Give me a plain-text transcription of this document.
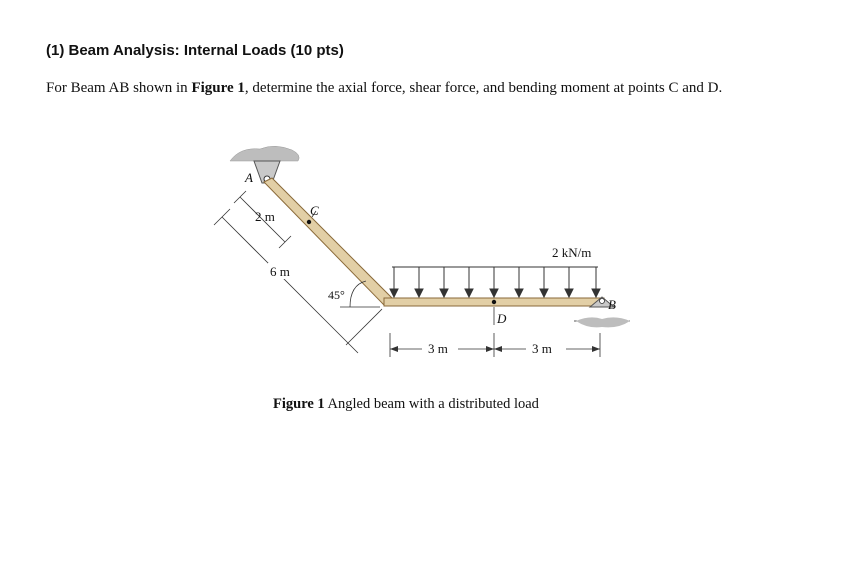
(1) Beam Analysis: Internal Loads (10 pts)
For Beam AB shown in Figure 1, determine the axial force, shear force, and bending moment at points C and D.
C
D
A
2 kN/m
B
2 m
6 m
45°
3 m	3 m
Figure 1 Angled beam with a distributed load
